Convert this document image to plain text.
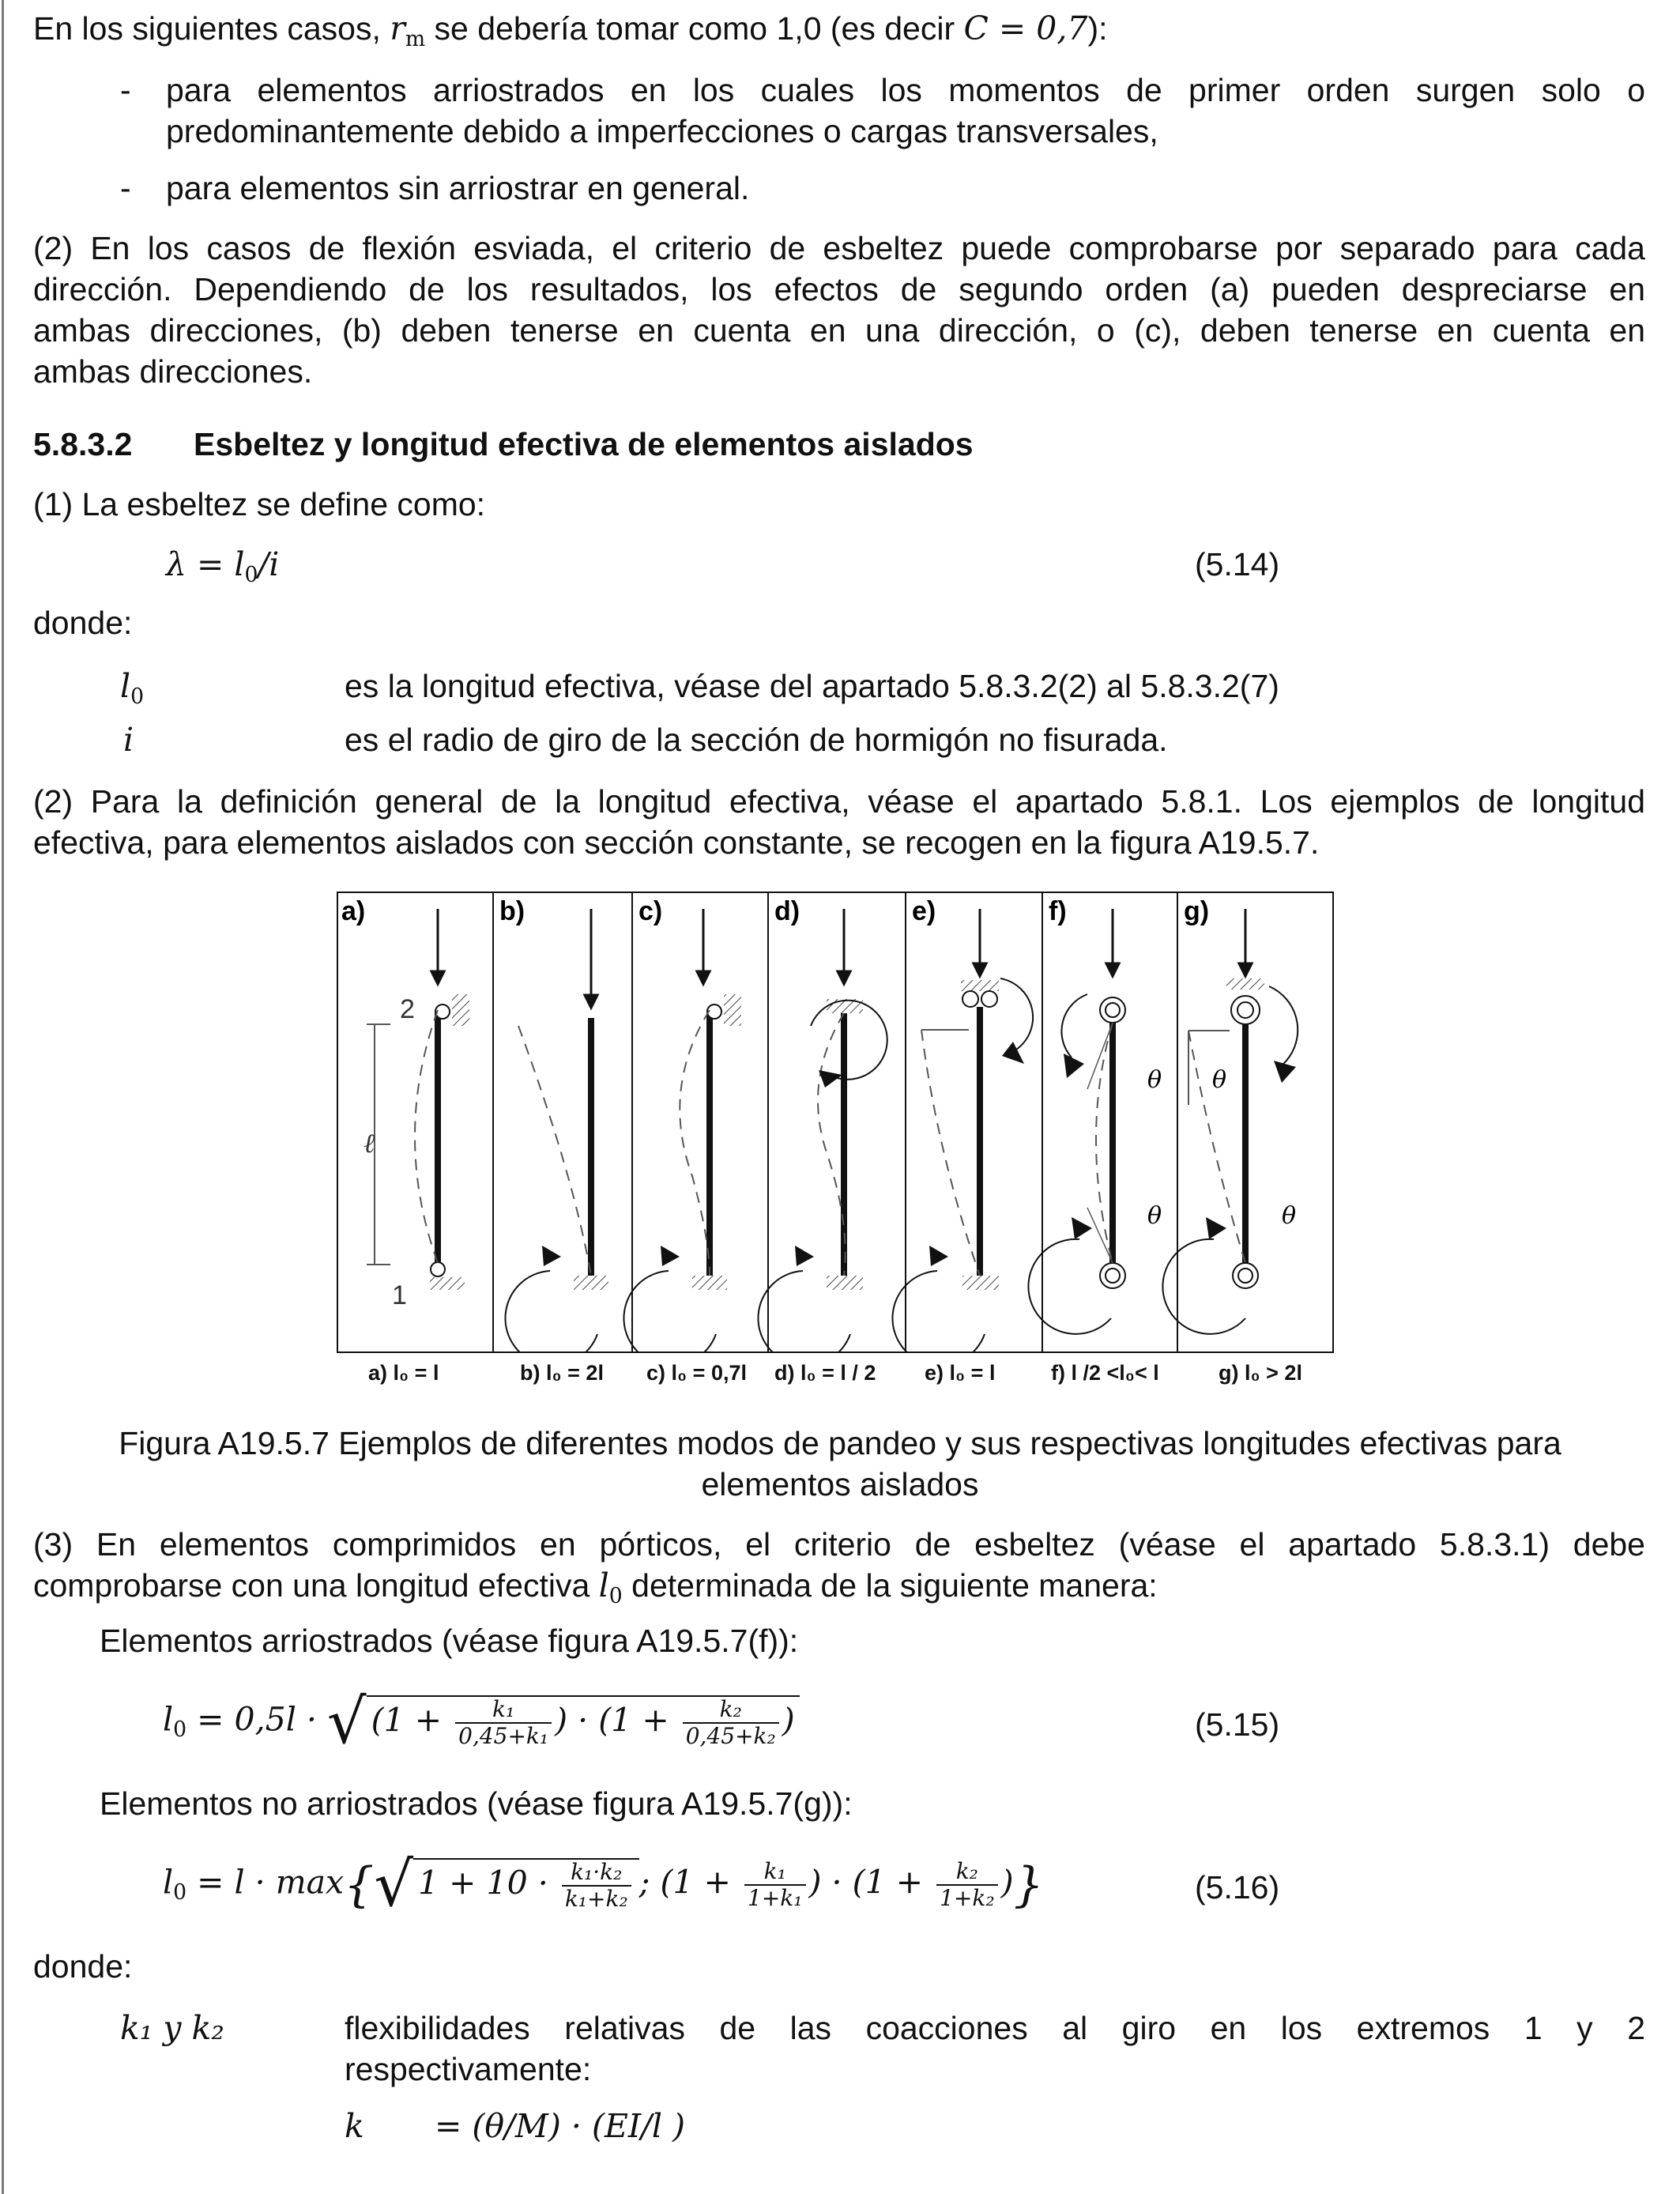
En los siguientes casos, rm se debería tomar como 1,0 (es decir C = 0,7):
- para elementos arriostrados en los cuales los momentos de primer orden surgen solo o
predominantemente debido a imperfecciones o cargas transversales,
- para elementos sin arriostrar en general.
(2) En los casos de flexión esviada, el criterio de esbeltez puede comprobarse por separado para cada
dirección. Dependiendo de los resultados, los efectos de segundo orden (a) pueden despreciarse en
ambas direcciones, (b) deben tenerse en cuenta en una dirección, o (c), deben tenerse en cuenta en
ambas direcciones.
5.8.3.2 Esbeltez y longitud efectiva de elementos aislados
(1) La esbeltez se define como:
λ = l0/i	(5.14)
donde:
l0	es la longitud efectiva, véase del apartado 5.8.3.2(2) al 5.8.3.2(7)
i	es el radio de giro de la sección de hormigón no fisurada.
(2) Para la definición general de la longitud efectiva, véase el apartado 5.8.1. Los ejemplos de longitud
efectiva, para elementos aislados con sección constante, se recogen en la figura A19.5.7.
a)	b)	c)	d)	e)	f)	g)
ℓ
2
1
θ
θ
θ
θ
a) l₀ = l	b) l₀ = 2l c) l₀ = 0,7l d) l₀ = l / 2 e) l₀ = l	f) l /2 <l₀< l	g) l₀ > 2l
Figura A19.5.7 Ejemplos de diferentes modos de pandeo y sus respectivas longitudes efectivas para
elementos aislados
(3) En elementos comprimidos en pórticos, el criterio de esbeltez (véase el apartado 5.8.3.1) debe
comprobarse con una longitud efectiva l0 determinada de la siguiente manera:
Elementos arriostrados (véase figura A19.5.7(f)):
l0 = 0,5l · √ ($1 + \frac{\text{k₁}}{\text{0,45+k₁}}$ ) · ($1 + \frac{\text{k₂}}{\text{0,45+k₂}}$ )	(5.15)
Elementos no arriostrados (véase figura A19.5.7(g)):
l0 = l · max{√ $1 + 10 \cdot \frac{\text{k₁·k₂}}{\text{k₁+k₂}}$ ; ($1 + \frac{\text{k₁}}{\text{1+k₁}}$ ) · ($1 + \frac{\text{k₂}}{\text{1+k₂}}$ )}	(5.16)
donde:
k₁ y k₂	flexibilidades relativas de las coacciones al giro en los extremos 1 y 2
respectivamente:
k = (θ/M) · (EI/l )
